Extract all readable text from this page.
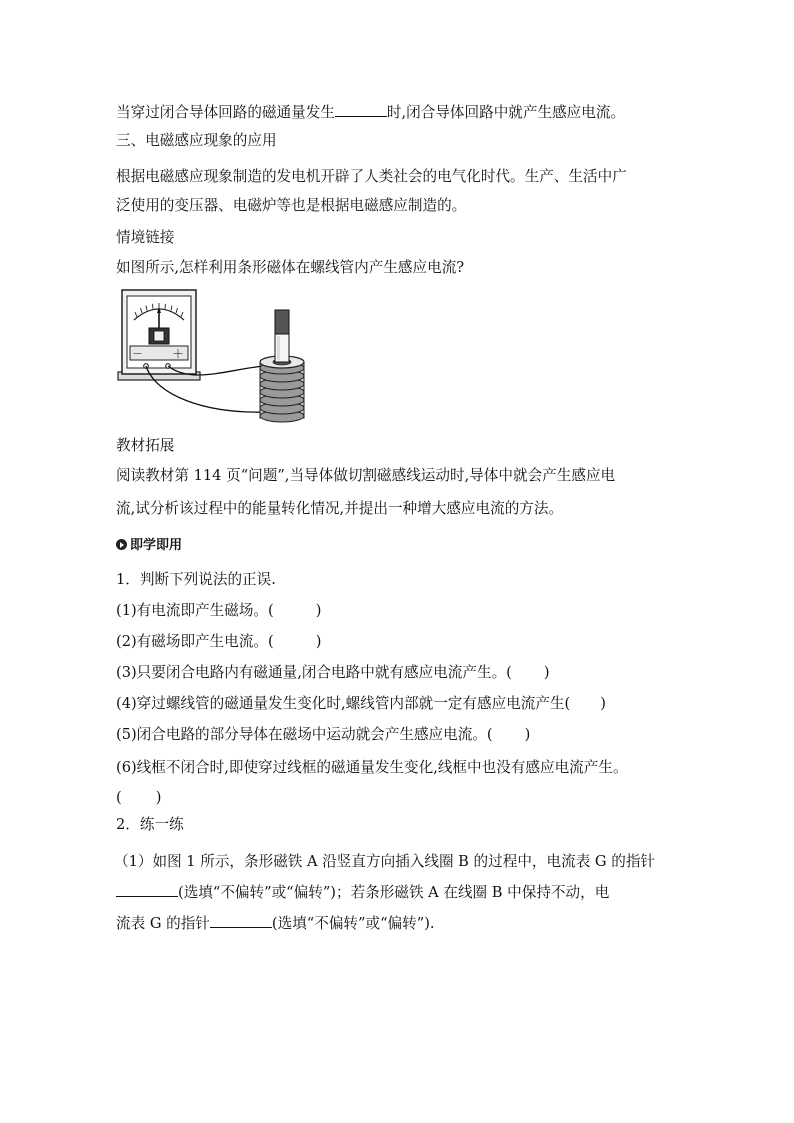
当穿过闭合导体回路的磁通量发生	时,闭合导体回路中就产生感应电流。
三、电磁感应现象的应用
根据电磁感应现象制造的发电机开辟了人类社会的电气化时代。生产、生活中广
泛使用的变压器、电磁炉等也是根据电磁感应制造的。
情境链接
如图所示,怎样利用条形磁体在螺线管内产生感应电流?
－ ＋
教材拓展
阅读教材第 114 页“问题”,当导体做切割磁感线运动时,导体中就会产生感应电
流,试分析该过程中的能量转化情况,并提出一种增大感应电流的方法。
即学即用
1．判断下列说法的正误.
(1)有电流即产生磁场。(	)
(2)有磁场即产生电流。(	)
(3)只要闭合电路内有磁通量,闭合电路中就有感应电流产生。( )
(4)穿过螺线管的磁通量发生变化时,螺线管内部就一定有感应电流产生( )
(5)闭合电路的部分导体在磁场中运动就会产生感应电流。( )
(6)线框不闭合时,即使穿过线框的磁通量发生变化,线框中也没有感应电流产生。
( )
2．练一练
（1）如图 1 所示，条形磁铁 A 沿竖直方向插入线圈 B 的过程中，电流表 G 的指针
(选填“不偏转”或“偏转”)；若条形磁铁 A 在线圈 B 中保持不动，电
流表 G 的指针	(选填“不偏转”或“偏转”).
